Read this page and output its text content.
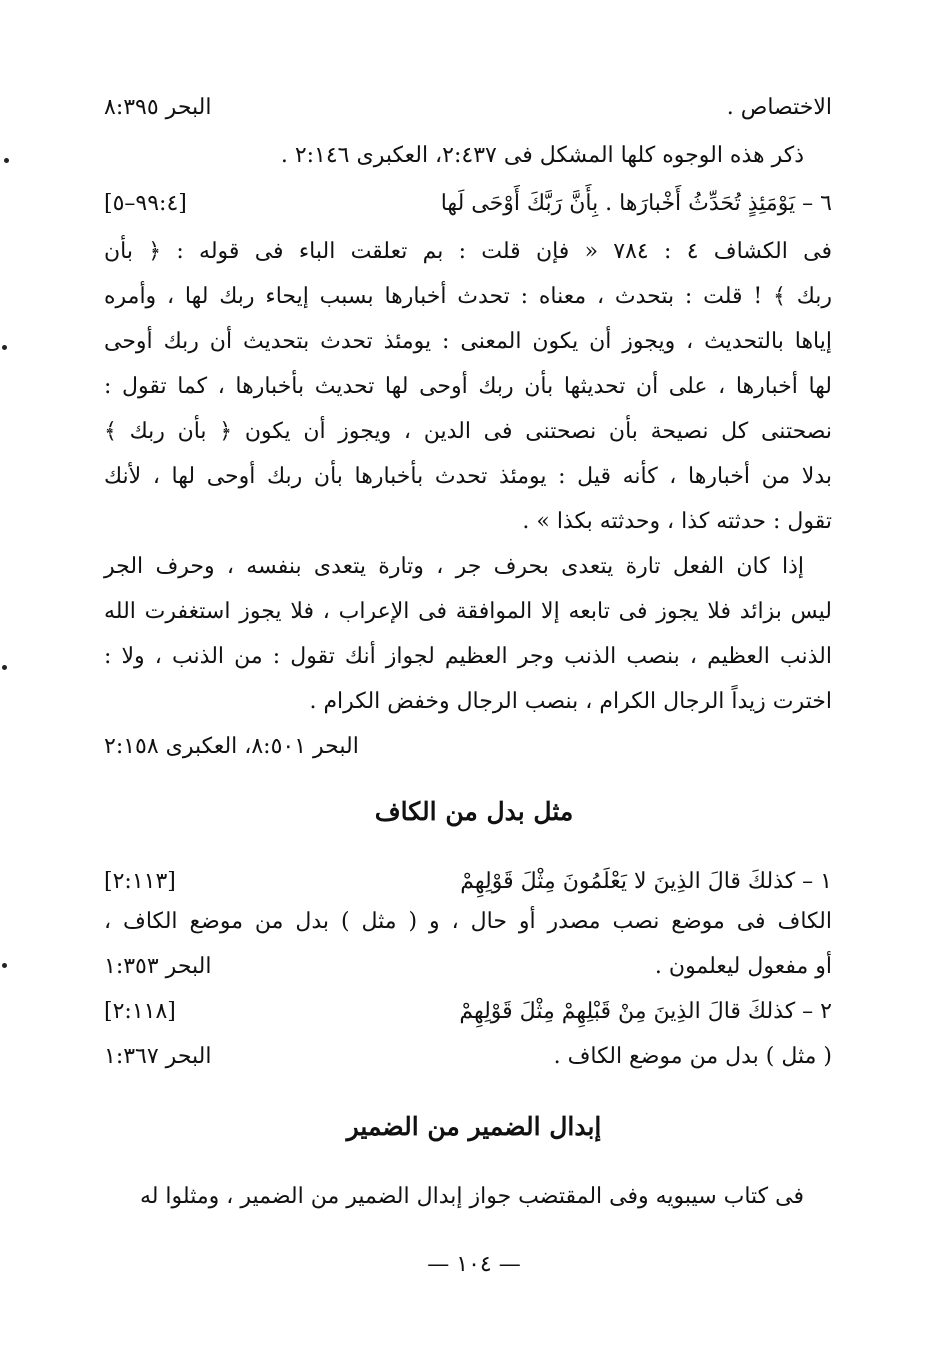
الاختصاص .
البحر ٨:٣٩٥
ذكر هذه الوجوه كلها المشكل فى ٢:٤٣٧، العكبرى ٢:١٤٦ .
٦ – يَوْمَئِذٍ تُحَدِّثُ أَخْبارَها . بِأَنَّ رَبَّكَ أَوْحَى لَها
[٩٩:٤–٥]
فى الكشاف ٤ : ٧٨٤ « فإن قلت : بم تعلقت الباء فى قوله : ﴿ بأن
ربك ﴾ ! قلت : بتحدث ، معناه : تحدث أخبارها بسبب إيحاء ربك لها ، وأمره
إياها بالتحديث ، ويجوز أن يكون المعنى : يومئذ تحدث بتحديث أن ربك أوحى
لها أخبارها ، على أن تحديثها بأن ربك أوحى لها تحديث بأخبارها ، كما تقول :
نصحتنى كل نصيحة بأن نصحتنى فى الدين ، ويجوز أن يكون ﴿ بأن ربك ﴾
بدلا من أخبارها ، كأنه قيل : يومئذ تحدث بأخبارها بأن ربك أوحى لها ، لأنك
تقول : حدثته كذا ، وحدثته بكذا » .
إذا كان الفعل تارة يتعدى بحرف جر ، وتارة يتعدى بنفسه ، وحرف الجر
ليس بزائد فلا يجوز فى تابعه إلا الموافقة فى الإعراب ، فلا يجوز استغفرت الله
الذنب العظيم ، بنصب الذنب وجر العظيم لجواز أنك تقول : من الذنب ، ولا :
اخترت زيداً الرجال الكرام ، بنصب الرجال وخفض الكرام .
البحر ٨:٥٠١، العكبرى ٢:١٥٨
مثل بدل من الكاف
١ – كذلكَ قالَ الذِينَ لا يَعْلَمُونَ مِثْلَ قَوْلِهِمْ
[٢:١١٣]
الكاف فى موضع نصب مصدر أو حال ، و ( مثل ) بدل من موضع الكاف ،
أو مفعول ليعلمون .
البحر ١:٣٥٣
٢ – كذلكَ قالَ الذِينَ مِنْ قَبْلِهِمْ مِثْلَ قَوْلِهِمْ
[٢:١١٨]
( مثل ) بدل من موضع الكاف .
البحر ١:٣٦٧
إبدال الضمير من الضمير
فى كتاب سيبويه وفى المقتضب جواز إبدال الضمير من الضمير ، ومثلوا له
— ١٠٤ —
